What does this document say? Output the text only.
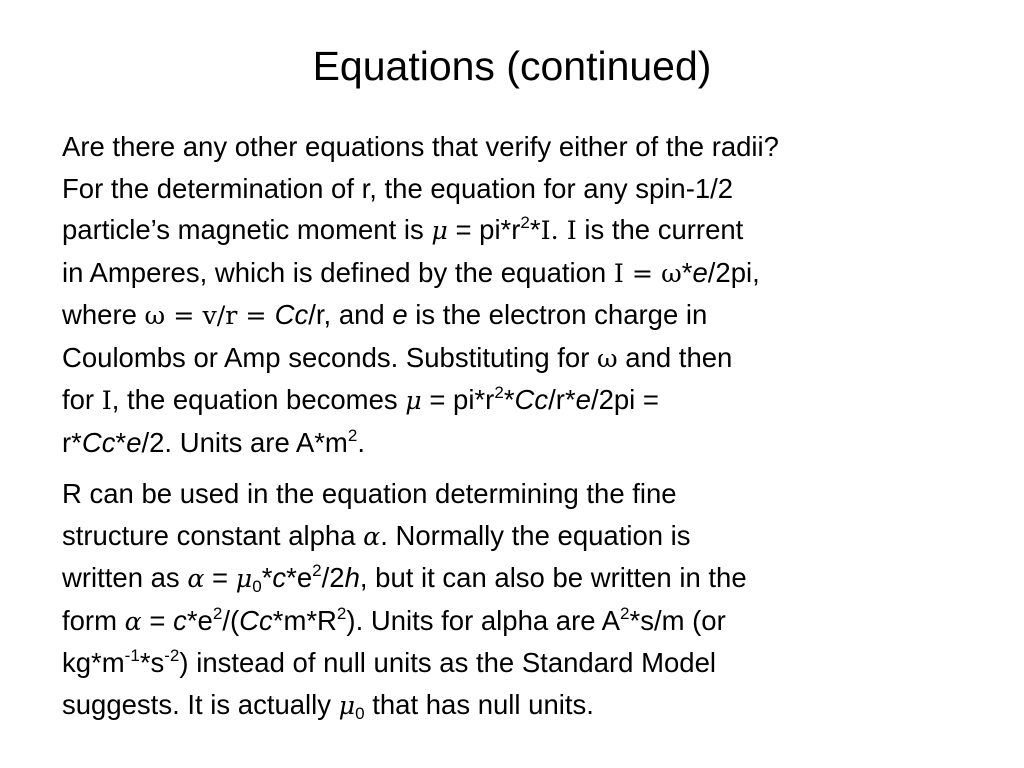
Equations (continued)
Are there any other equations that verify either of the radii?
For the determination of r, the equation for any spin-1/2
particle’s magnetic moment is $\mu = pi*r^2*I$. I is the current
in Amperes, which is defined by the equation I = ω*e/2pi,
where ω = v/r = Cc/r, and e is the electron charge in
Coulombs or Amp seconds. Substituting for ω and then
for I, the equation becomes $\mu = pi*r^2*Cc/r*e/2pi$ =
r*Cc*e/2. Units are $A*m^2$.
R can be used in the equation determining the fine
structure constant alpha α. Normally the equation is
written as $\alpha = \mu 0*c*e^2/2h$, but it can also be written in the
form $\alpha = c*e^2/(Cc*m*R^2)$. Units for alpha are $A^2*s/m$ (or
$kg*m^{-1}*s^{-2}$) instead of null units as the Standard Model
suggests. It is actually μ0 that has null units.
